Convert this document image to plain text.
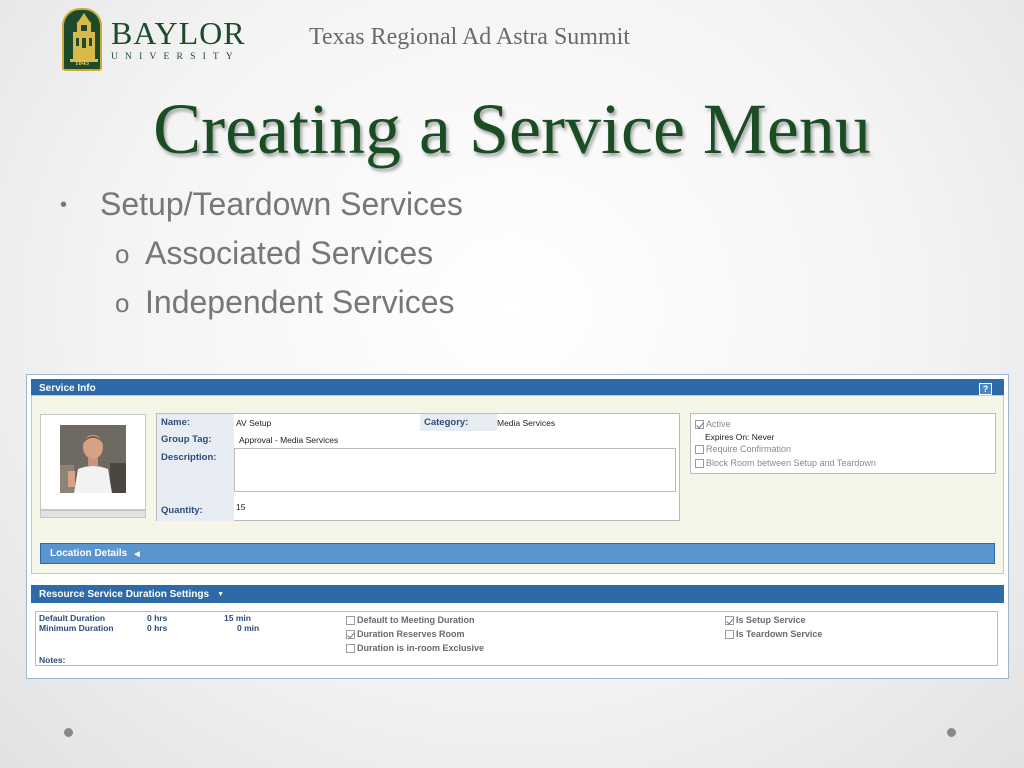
1845
BAYLOR
UNIVERSITY
Texas Regional Ad Astra Summit
Creating a Service Menu
•	Setup/Teardown Services
o Associated Services
o Independent Services
Service Info	?
Name:	AV Setup	Category:	Media Services
Group Tag:	Approval - Media Services
Description:
Quantity:	15
Active
Expires On: Never
Require Confirmation
Block Room between Setup and Teardown
Location Details ◀
Resource Service Duration Settings ▼
Default Duration	0 hrs	15 min
Minimum Duration	0 hrs	0 min
Notes:
Default to Meeting Duration
Duration Reserves Room
Duration is in-room Exclusive
Is Setup Service
Is Teardown Service
